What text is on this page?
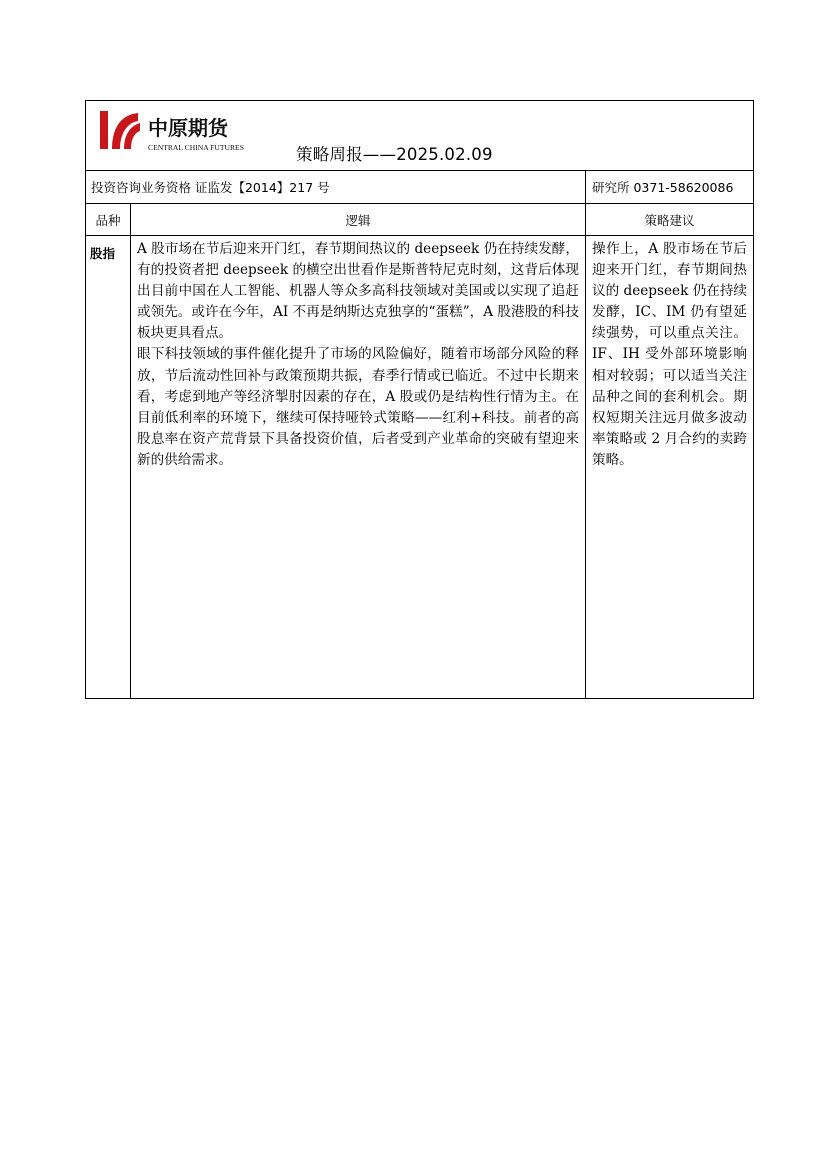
中原期货
CENTRAL CHINA FUTURES 策略周报——2025.02.09		

投资咨询业务资格 证监发【2014】217 号		研究所 0371-58620086
品种	逻辑	策略建议
股指	A 股市场在节后迎来开门红，春节期间热议的 deepseek 仍在持续发酵，有的投资者把 deepseek 的横空出世看作是斯普特尼克时刻，这背后体现出目前中国在人工智能、机器人等众多高科技领域对美国或以实现了追赶或领先。或许在今年，AI 不再是纳斯达克独享的“蛋糕”，A 股港股的科技板块更具看点。

眼下科技领域的事件催化提升了市场的风险偏好，随着市场部分风险的释放，节后流动性回补与政策预期共振，春季行情或已临近。不过中长期来看，考虑到地产等经济掣肘因素的存在，A 股或仍是结构性行情为主。在目前低利率的环境下，继续可保持哑铃式策略——红利+科技。前者的高股息率在资产荒背景下具备投资价值，后者受到产业革命的突破有望迎来新的供给需求。	操作上，A 股市场在节后迎来开门红，春节期间热议的 deepseek 仍在持续发酵，IC、IM 仍有望延续强势，可以重点关注。IF、IH 受外部环境影响相对较弱；可以适当关注品种之间的套利机会。期权短期关注远月做多波动率策略或 2 月合约的卖跨策略。
